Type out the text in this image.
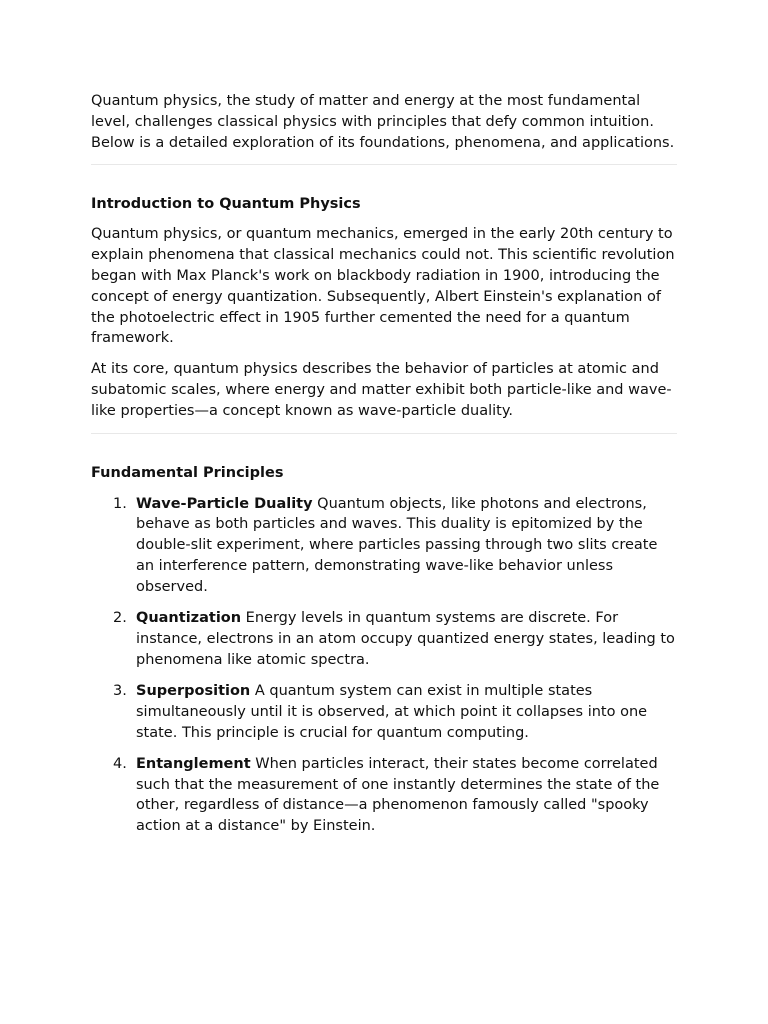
Quantum physics, the study of matter and energy at the most fundamental level, challenges classical physics with principles that defy common intuition. Below is a detailed exploration of its foundations, phenomena, and applications.

Introduction to Quantum Physics

Quantum physics, or quantum mechanics, emerged in the early 20th century to explain phenomena that classical mechanics could not. This scientific revolution began with Max Planck's work on blackbody radiation in 1900, introducing the concept of energy quantization. Subsequently, Albert Einstein's explanation of the photoelectric effect in 1905 further cemented the need for a quantum framework.

At its core, quantum physics describes the behavior of particles at atomic and subatomic scales, where energy and matter exhibit both particle-like and wave-like properties—a concept known as wave-particle duality.

Fundamental Principles
1. Wave-Particle Duality Quantum objects, like photons and electrons, behave as both particles and waves. This duality is epitomized by the double-slit experiment, where particles passing through two slits create an interference pattern, demonstrating wave-like behavior unless observed.
2. Quantization Energy levels in quantum systems are discrete. For instance, electrons in an atom occupy quantized energy states, leading to phenomena like atomic spectra.
3. Superposition A quantum system can exist in multiple states simultaneously until it is observed, at which point it collapses into one state. This principle is crucial for quantum computing.
4. Entanglement When particles interact, their states become correlated such that the measurement of one instantly determines the state of the other, regardless of distance—a phenomenon famously called "spooky action at a distance" by Einstein.
